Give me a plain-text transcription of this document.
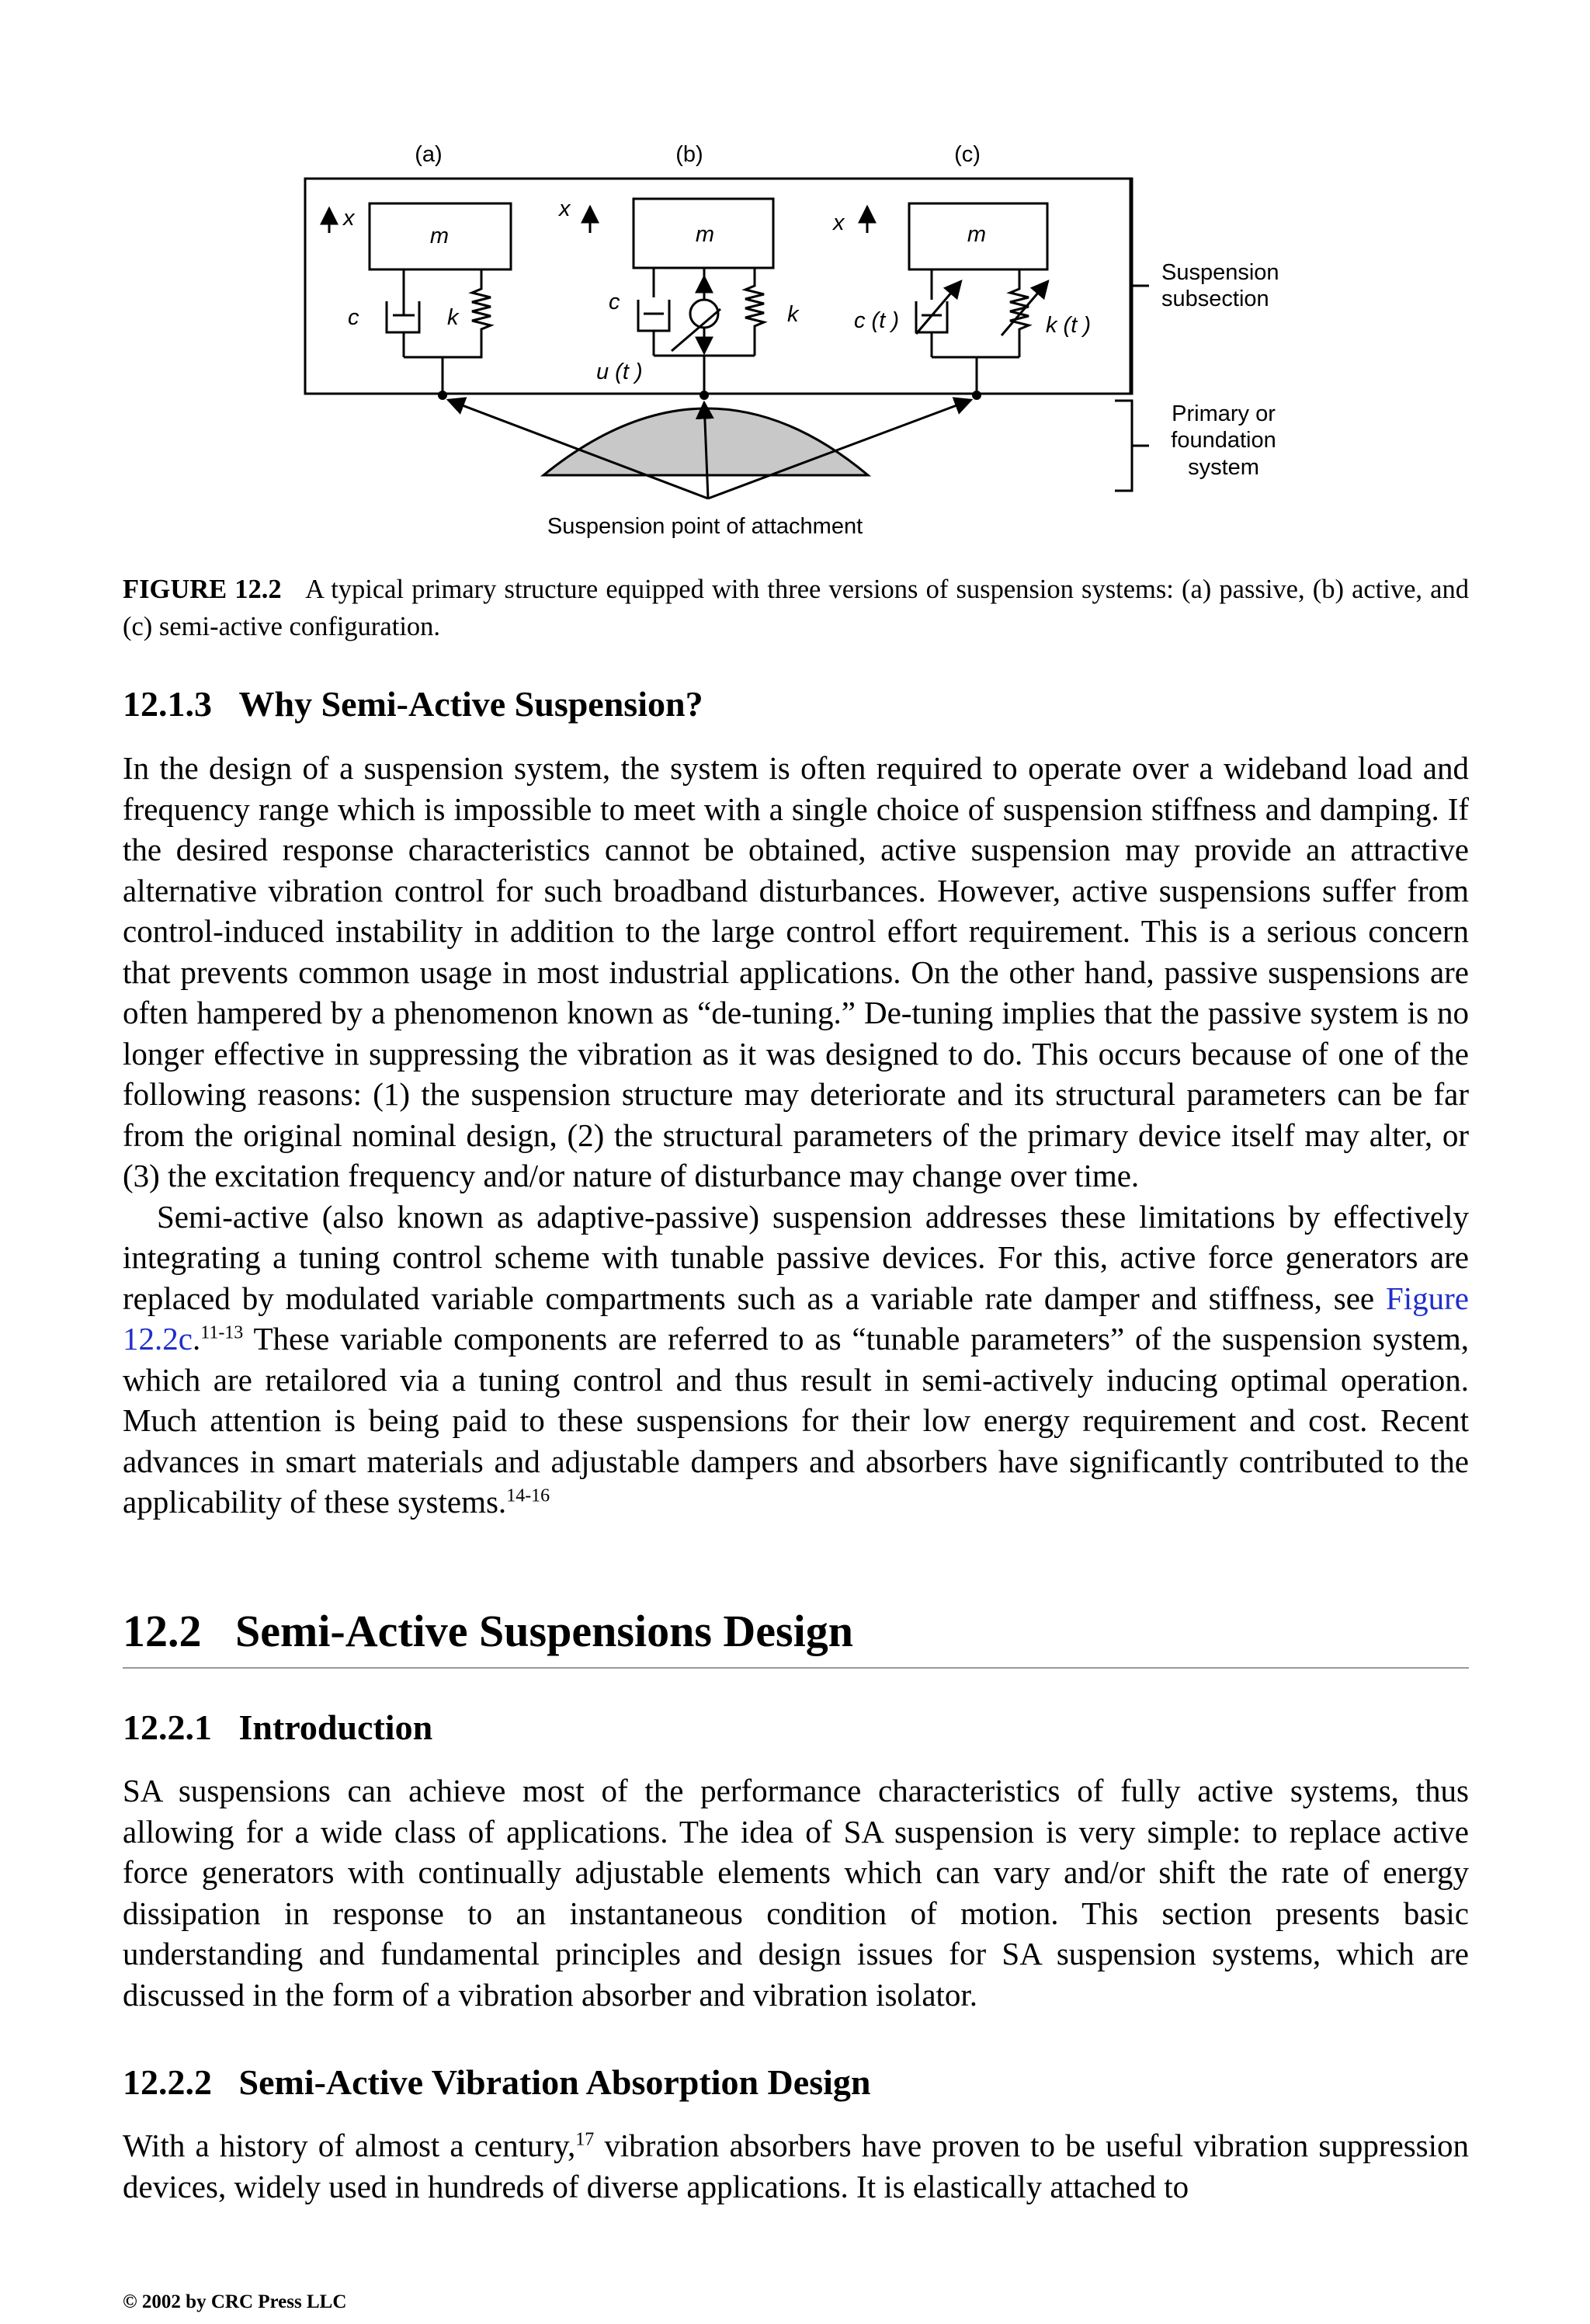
(a)	(b)	(c)
x
m
c	k
x
m
c	k
u (t )
x	m
c (t )	k (t )
Suspension
subsection
Primary or
foundation
system
Suspension point of attachment
FIGURE 12.2 A typical primary structure equipped with three versions of suspension systems: (a) passive, (b) active, and (c) semi-active configuration.
12.1.3 Why Semi-Active Suspension?

In the design of a suspension system, the system is often required to operate over a wideband load and frequency range which is impossible to meet with a single choice of suspension stiffness and damping. If the desired response characteristics cannot be obtained, active suspension may provide an attractive alternative vibration control for such broadband disturbances. However, active suspensions suffer from control-induced instability in addition to the large control effort requirement. This is a serious concern that prevents common usage in most industrial applications. On the other hand, passive suspensions are often hampered by a phenomenon known as “de-tuning.” De-tuning implies that the passive system is no longer effective in suppressing the vibration as it was designed to do. This occurs because of one of the following reasons: (1) the suspension structure may deteriorate and its structural parameters can be far from the original nominal design, (2) the structural parameters of the primary device itself may alter, or (3) the excitation frequency and/or nature of disturbance may change over time.

Semi-active (also known as adaptive-passive) suspension addresses these limitations by effectively integrating a tuning control scheme with tunable passive devices. For this, active force generators are replaced by modulated variable compartments such as a variable rate damper and stiffness, see Figure 12.2c.$^{11-13}$ These variable components are referred to as “tunable parameters” of the suspension system, which are retailored via a tuning control and thus result in semi-actively inducing optimal operation. Much attention is being paid to these suspensions for their low energy requirement and cost. Recent advances in smart materials and adjustable dampers and absorbers have significantly contributed to the applicability of these systems.$^{14-16}$

12.2 Semi-Active Suspensions Design
12.2.1 Introduction

SA suspensions can achieve most of the performance characteristics of fully active systems, thus allowing for a wide class of applications. The idea of SA suspension is very simple: to replace active force generators with continually adjustable elements which can vary and/or shift the rate of energy dissipation in response to an instantaneous condition of motion. This section presents basic understanding and fundamental principles and design issues for SA suspension systems, which are discussed in the form of a vibration absorber and vibration isolator.

12.2.2 Semi-Active Vibration Absorption Design

With a history of almost a century,$^{17}$ vibration absorbers have proven to be useful vibration suppression devices, widely used in hundreds of diverse applications. It is elastically attached to

© 2002 by CRC Press LLC
